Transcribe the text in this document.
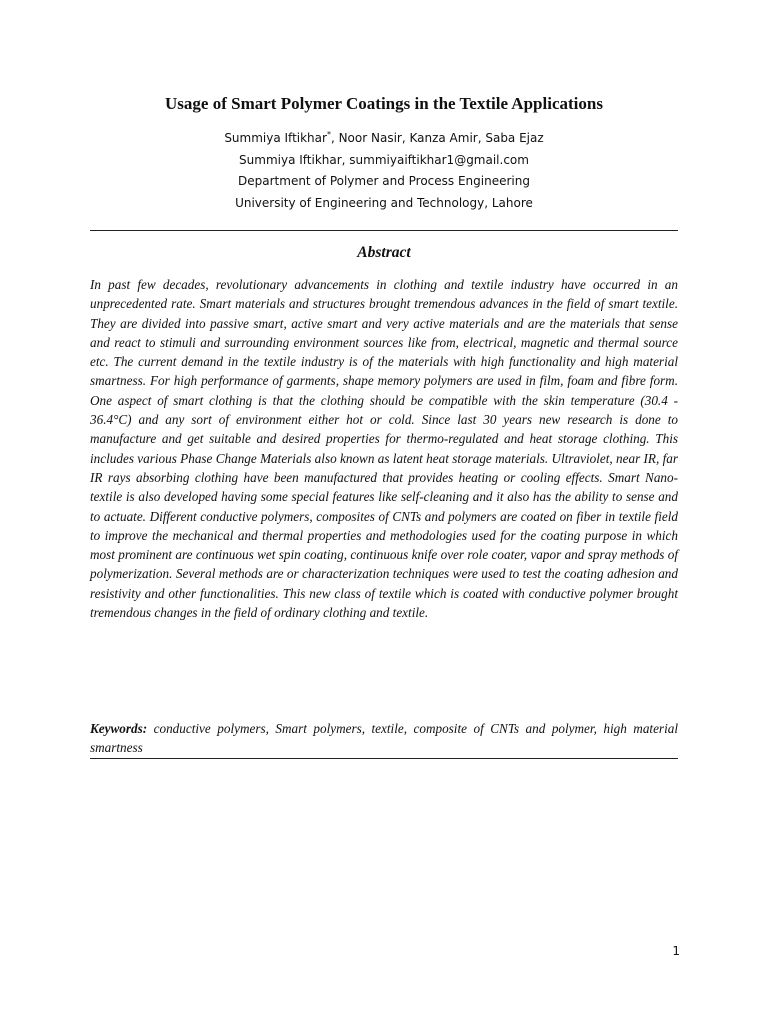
Usage of Smart Polymer Coatings in the Textile Applications
Summiya Iftikhar*, Noor Nasir, Kanza Amir, Saba Ejaz
Summiya Iftikhar, summiyaiftikhar1@gmail.com
Department of Polymer and Process Engineering
University of Engineering and Technology, Lahore
Abstract

In past few decades, revolutionary advancements in clothing and textile industry have occurred in an unprecedented rate. Smart materials and structures brought tremendous advances in the field of smart textile. They are divided into passive smart, active smart and very active materials and are the materials that sense and react to stimuli and surrounding environment sources like from, electrical, magnetic and thermal source etc. The current demand in the textile industry is of the materials with high functionality and high material smartness. For high performance of garments, shape memory polymers are used in film, foam and fibre form. One aspect of smart clothing is that the clothing should be compatible with the skin temperature (30.4 - 36.4°C) and any sort of environment either hot or cold. Since last 30 years new research is done to manufacture and get suitable and desired properties for thermo-regulated and heat storage clothing. This includes various Phase Change Materials also known as latent heat storage materials. Ultraviolet, near IR, far IR rays absorbing clothing have been manufactured that provides heating or cooling effects. Smart Nano-textile is also developed having some special features like self-cleaning and it also has the ability to sense and to actuate. Different conductive polymers, composites of CNTs and polymers are coated on fiber in textile field to improve the mechanical and thermal properties and methodologies used for the coating purpose in which most prominent are continuous wet spin coating, continuous knife over role coater, vapor and spray methods of polymerization. Several methods are or characterization techniques were used to test the coating adhesion and resistivity and other functionalities. This new class of textile which is coated with conductive polymer brought tremendous changes in the field of ordinary clothing and textile.

Keywords: conductive polymers, Smart polymers, textile, composite of CNTs and polymer, high material smartness

1
